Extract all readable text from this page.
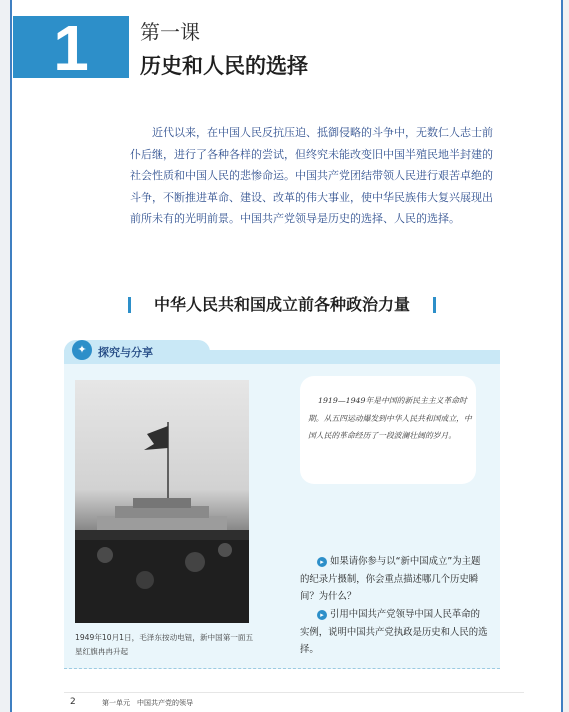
1	第一课
历史和人民的选择

近代以来，在中国人民反抗压迫、抵御侵略的斗争中，无数仁人志士前仆后继，进行了各种各样的尝试，但终究未能改变旧中国半殖民地半封建的社会性质和中国人民的悲惨命运。中国共产党团结带领人民进行艰苦卓绝的斗争，不断推进革命、建设、改革的伟大事业，使中华民族伟大复兴展现出前所未有的光明前景。中国共产党领导是历史的选择、人民的选择。

中华人民共和国成立前各种政治力量
✦	探究与分享

1949年10月1日，毛泽东按动电钮，新中国第一面五星红旗冉冉升起

1919—1949年是中国的新民主主义革命时期。从五四运动爆发到中华人民共和国成立，中国人民的革命经历了一段波澜壮阔的岁月。

▸ 如果请你参与以“新中国成立”为主题的纪录片摄制，你会重点描述哪几个历史瞬间？为什么？

▸ 引用中国共产党领导中国人民革命的实例，说明中国共产党执政是历史和人民的选择。

2	第一单元　中国共产党的领导
